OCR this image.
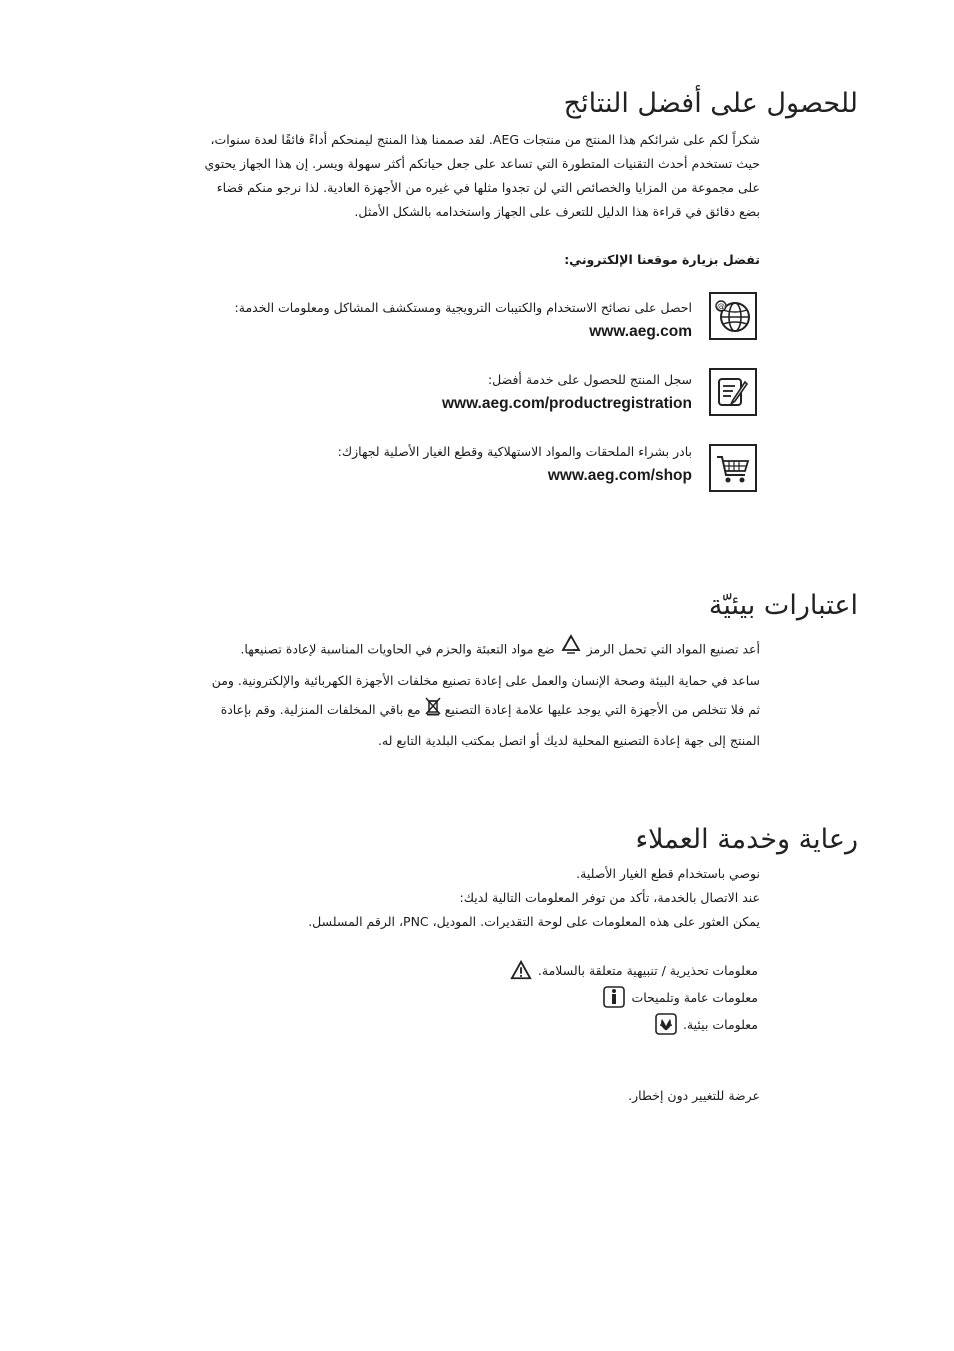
للحصول على أفضل النتائج

شكراً لكم على شرائكم هذا المنتج من منتجات AEG. لقد صممنا هذا المنتج ليمنحكم أداءً فائقًا لعدة سنوات،

حيث تستخدم أحدث التقنيات المتطورة التي تساعد على جعل حياتكم أكثر سهولة ويسر. إن هذا الجهاز يحتوي

على مجموعة من المزايا والخصائص التي لن تجدوا مثلها في غيره من الأجهزة العادية. لذا نرجو منكم قضاء

بضع دقائق في قراءة هذا الدليل للتعرف على الجهاز واستخدامه بالشكل الأمثل.

تفضل بزيارة موقعنا الإلكتروني:
@
احصل على نصائح الاستخدام والكتيبات الترويجية ومستكشف المشاكل ومعلومات الخدمة:
www.aeg.com
سجل المنتج للحصول على خدمة أفضل:
www.aeg.com/productregistration
بادر بشراء الملحقات والمواد الاستهلاكية وقطع الغيار الأصلية لجهازك:
www.aeg.com/shop
اعتبارات بيئيّة

أعد تصنيع المواد التي تحمل الرمز  ضع مواد التعبئة والحزم في الحاويات المناسبة لإعادة تصنيعها.

ساعد في حماية البيئة وصحة الإنسان والعمل على إعادة تصنيع مخلفات الأجهزة الكهربائية والإلكترونية. ومن

ثم فلا تتخلص من الأجهزة التي يوجد عليها علامة إعادة التصنيع  مع باقي المخلفات المنزلية. وقم بإعادة

المنتج إلى جهة إعادة التصنيع المحلية لديك أو اتصل بمكتب البلدية التابع له.

رعاية وخدمة العملاء

نوصي باستخدام قطع الغيار الأصلية.

عند الاتصال بالخدمة، تأكد من توفر المعلومات التالية لديك:

يمكن العثور على هذه المعلومات على لوحة التقديرات. الموديل، PNC، الرقم المسلسل.

معلومات تحذيرية / تنبيهية متعلقة بالسلامة.
معلومات عامة وتلميحات
معلومات بيئية.
عرضة للتغيير دون إخطار.
